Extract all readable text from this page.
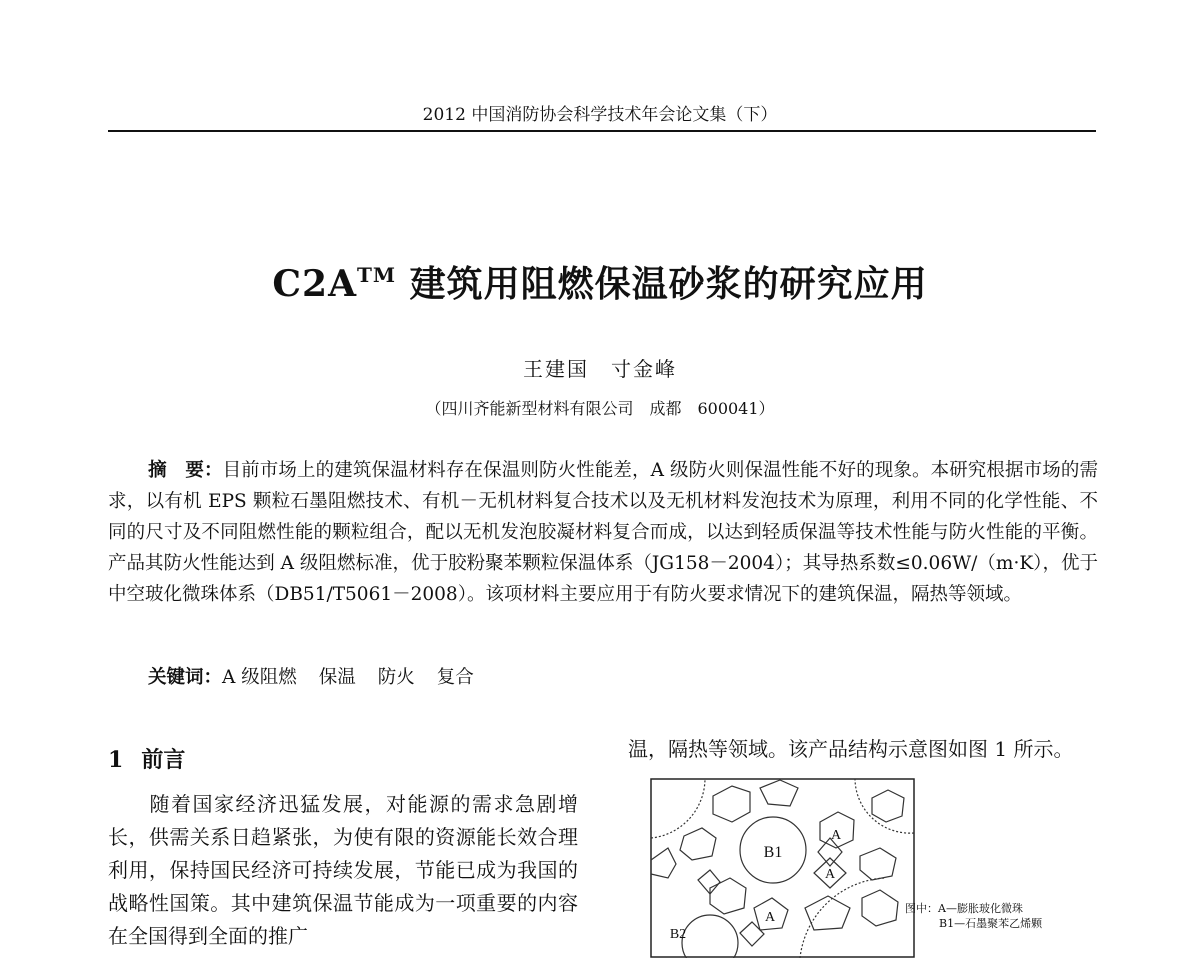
2012 中国消防协会科学技术年会论文集（下）
C2A™ 建筑用阻燃保温砂浆的研究应用
王建国　寸金峰
（四川齐能新型材料有限公司　成都　600041）
摘　要：目前市场上的建筑保温材料存在保温则防火性能差，A 级防火则保温性能不好的现象。本研究根据市场的需求，以有机 EPS 颗粒石墨阻燃技术、有机－无机材料复合技术以及无机材料发泡技术为原理，利用不同的化学性能、不同的尺寸及不同阻燃性能的颗粒组合，配以无机发泡胶凝材料复合而成，以达到轻质保温等技术性能与防火性能的平衡。产品其防火性能达到 A 级阻燃标准，优于胶粉聚苯颗粒保温体系（JG158－2004）；其导热系数≤0.06W/（m·K），优于中空玻化微珠体系（DB51/T5061－2008）。该项材料主要应用于有防火要求情况下的建筑保温，隔热等领域。
关键词：A 级阻燃 保温 防火 复合
1 前言
随着国家经济迅猛发展，对能源的需求急剧增长，供需关系日趋紧张，为使有限的资源能长效合理利用，保持国民经济可持续发展，节能已成为我国的战略性国策。其中建筑保温节能成为一项重要的内容在全国得到全面的推广
温，隔热等领域。该产品结构示意图如图 1 所示。
B1
A
A
A
B2
图中：A—膨胀玻化微珠
B1—石墨聚苯乙烯颗
